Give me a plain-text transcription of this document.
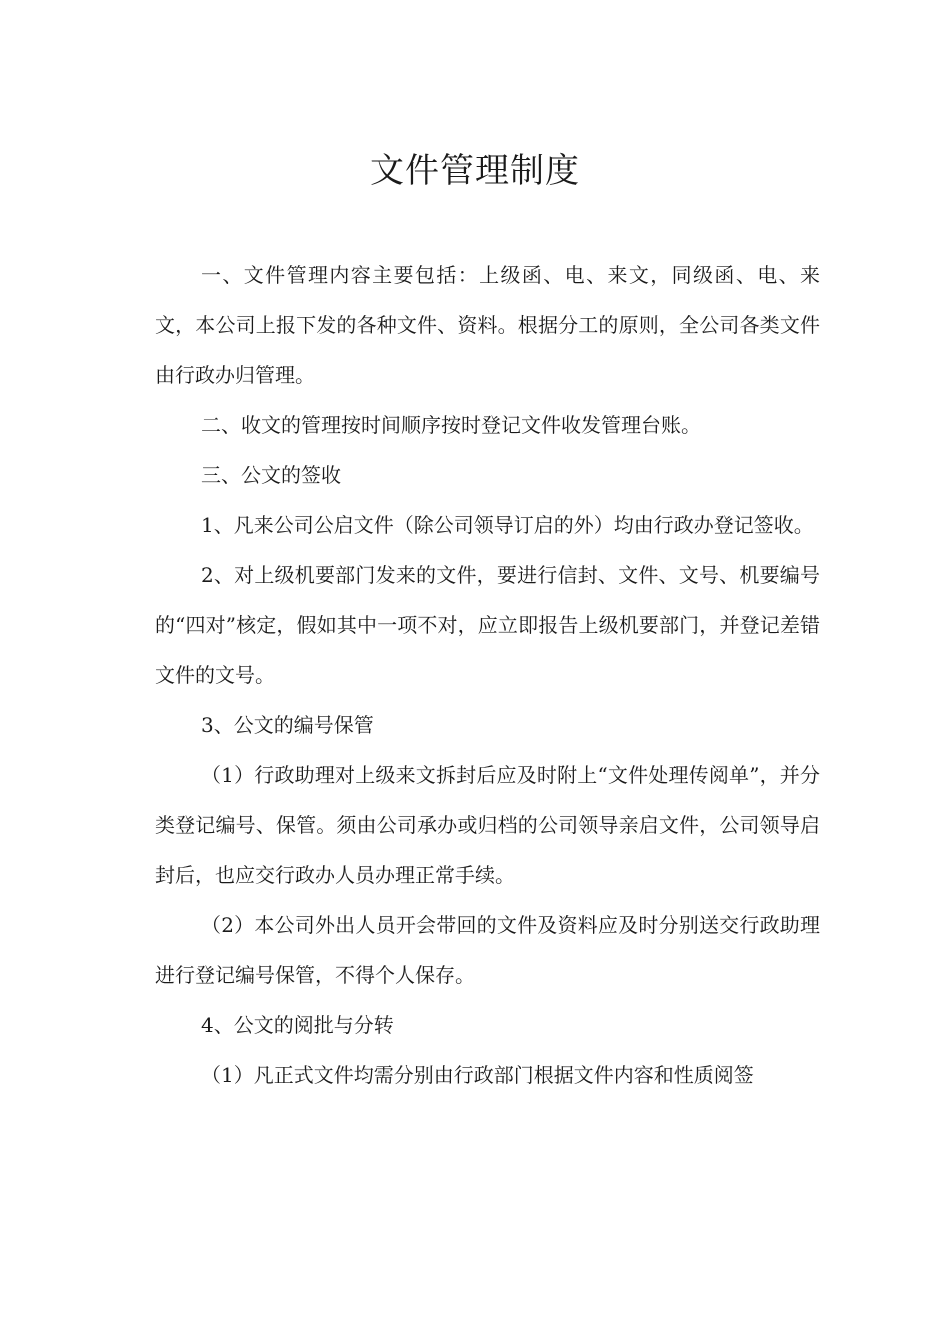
文件管理制度

一、文件管理内容主要包括：上级函、电、来文，同级函、电、来文，本公司上报下发的各种文件、资料。根据分工的原则，全公司各类文件由行政办归管理。

二、收文的管理按时间顺序按时登记文件收发管理台账。

三、公文的签收

1、凡来公司公启文件（除公司领导订启的外）均由行政办登记签收。

2、对上级机要部门发来的文件，要进行信封、文件、文号、机要编号的“四对”核定，假如其中一项不对，应立即报告上级机要部门，并登记差错文件的文号。

3、公文的编号保管

（1）行政助理对上级来文拆封后应及时附上“文件处理传阅单”，并分类登记编号、保管。须由公司承办或归档的公司领导亲启文件，公司领导启封后，也应交行政办人员办理正常手续。

（2）本公司外出人员开会带回的文件及资料应及时分别送交行政助理进行登记编号保管，不得个人保存。

4、公文的阅批与分转

（1）凡正式文件均需分别由行政部门根据文件内容和性质阅签
